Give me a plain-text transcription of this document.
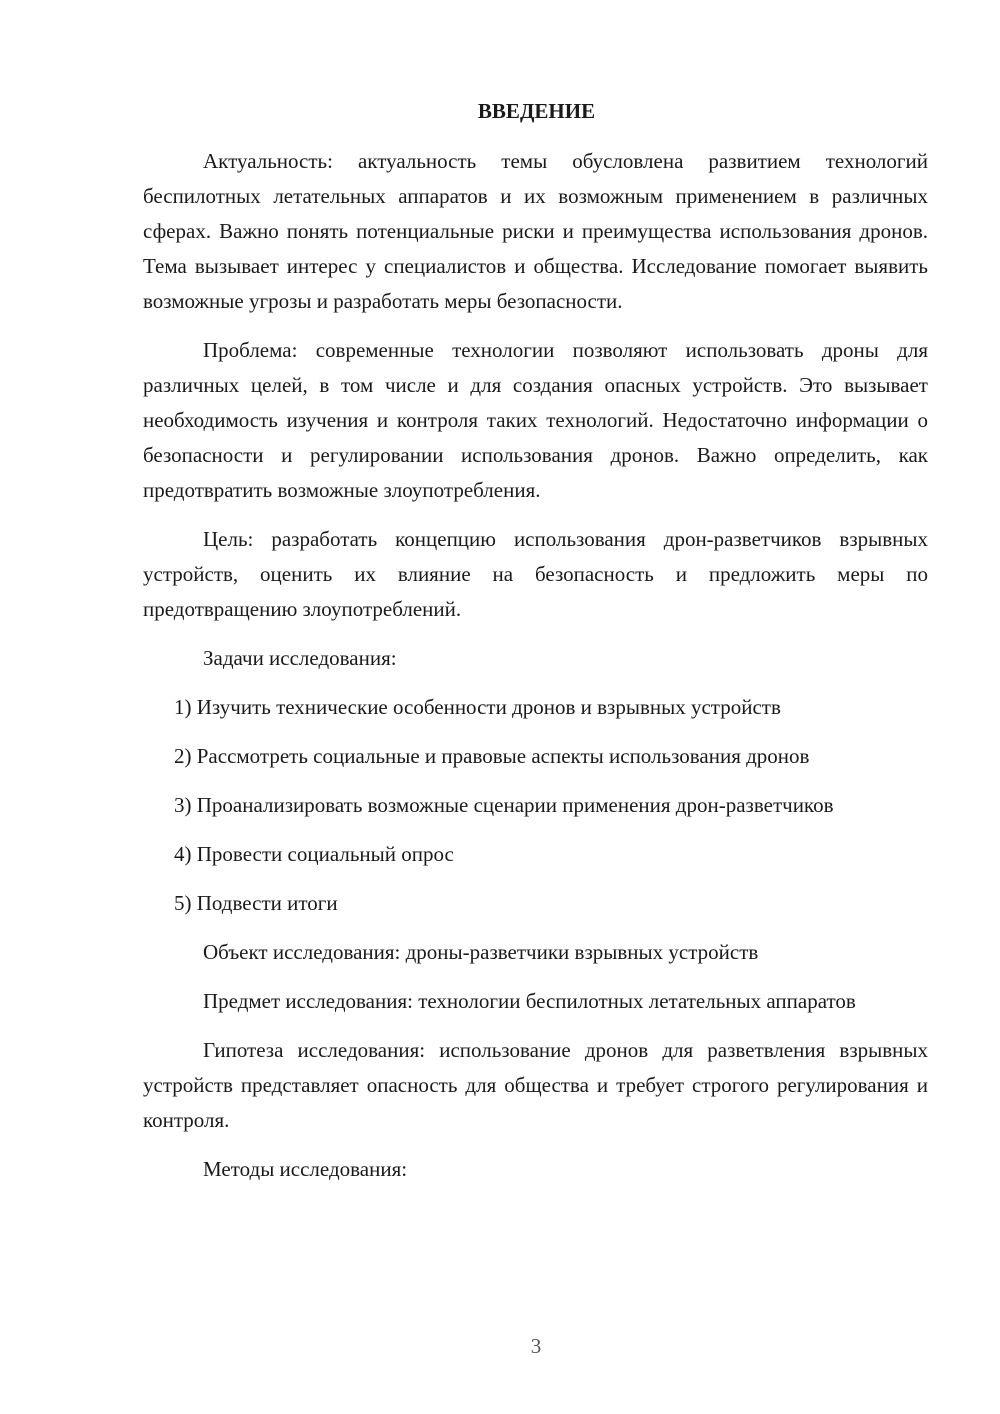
ВВЕДЕНИЕ

Актуальность: актуальность темы обусловлена развитием технологий беспилотных летательных аппаратов и их возможным применением в различных сферах. Важно понять потенциальные риски и преимущества использования дронов. Тема вызывает интерес у специалистов и общества. Исследование помогает выявить возможные угрозы и разработать меры безопасности.

Проблема: современные технологии позволяют использовать дроны для различных целей, в том числе и для создания опасных устройств. Это вызывает необходимость изучения и контроля таких технологий. Недостаточно информации о безопасности и регулировании использования дронов. Важно определить, как предотвратить возможные злоупотребления.

Цель: разработать концепцию использования дрон-разветчиков взрывных устройств, оценить их влияние на безопасность и предложить меры по предотвращению злоупотреблений.

Задачи исследования:

1) Изучить технические особенности дронов и взрывных устройств

2) Рассмотреть социальные и правовые аспекты использования дронов

3) Проанализировать возможные сценарии применения дрон-разветчиков

4) Провести социальный опрос

5) Подвести итоги

Объект исследования: дроны-разветчики взрывных устройств

Предмет исследования: технологии беспилотных летательных аппаратов

Гипотеза исследования: использование дронов для разветвления взрывных устройств представляет опасность для общества и требует строгого регулирования и контроля.

Методы исследования:

3
